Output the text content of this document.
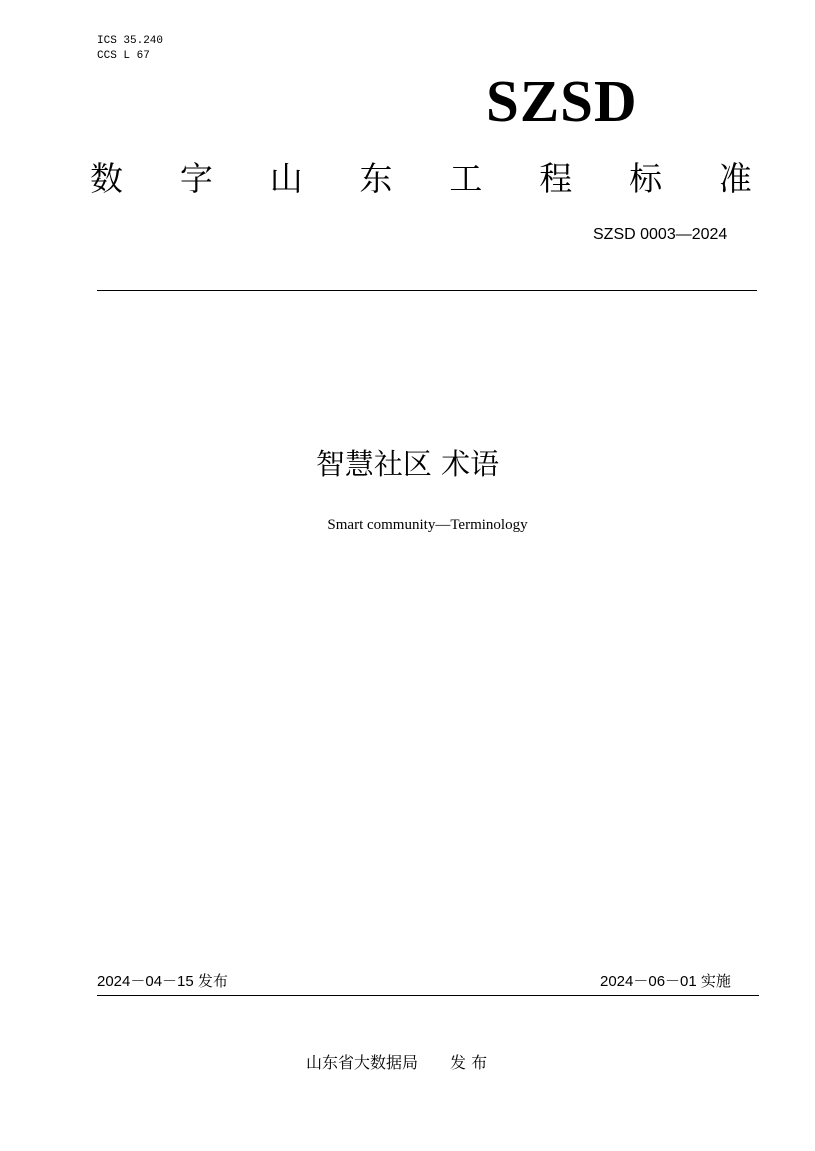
ICS 35.240
CCS L 67
SZSD
数 字 山 东 工 程 标 准
SZSD 0003—2024
智慧社区 术语
Smart community—Terminology
2024－04－15 发布	2024－06－01 实施
山东省大数据局　　发 布
